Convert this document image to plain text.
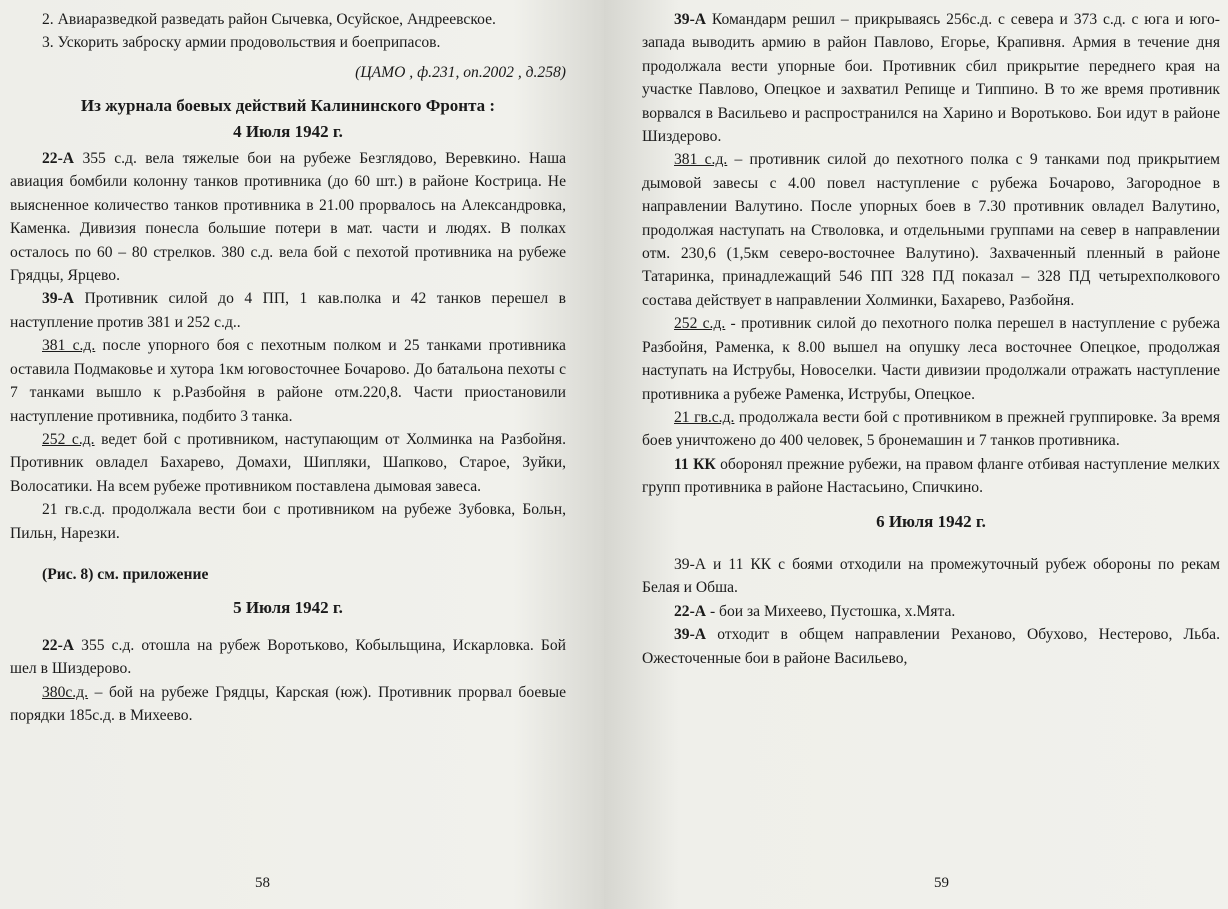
2. Авиаразведкой разведать район Сычевка, Осуйское, Андреевское.

3. Ускорить заброску армии продовольствия и боеприпасов.

(ЦАМО , ф.231, оп.2002 , д.258)

Из журнала боевых действий Калининского Фронта :

4 Июля 1942 г.

22-А 355 с.д. вела тяжелые бои на рубеже Безглядово, Веревкино. Наша авиация бомбили колонну танков противника (до 60 шт.) в районе Кострица. Не выясненное количество танков противника в 21.00 прорвалось на Александровка, Каменка. Дивизия понесла большие потери в мат. части и людях. В полках осталось по 60 – 80 стрелков. 380 с.д. вела бой с пехотой противника на рубеже Грядцы, Ярцево.

39-А Противник силой до 4 ПП, 1 кав.полка и 42 танков перешел в наступление против 381 и 252 с.д..

381 с.д. после упорного боя с пехотным полком и 25 танками противника оставила Подмаковье и хутора 1км юговосточнее Бочарово. До батальона пехоты с 7 танками вышло к р.Разбойня в районе отм.220,8. Части приостановили наступление противника, подбито 3 танка.

252 с.д. ведет бой с противником, наступающим от Холминка на Разбойня. Противник овладел Бахарево, Домахи, Шипляки, Шапково, Старое, Зуйки, Волосатики. На всем рубеже противником поставлена дымовая завеса.

21 гв.с.д. продолжала вести бои с противником на рубеже Зубовка, Больн, Пильн, Нарезки.

(Рис. 8) см. приложение

5 Июля 1942 г.

22-А 355 с.д. отошла на рубеж Воротьково, Кобыльщина, Искарловка. Бой шел в Шиздерово.

380с.д. – бой на рубеже Грядцы, Карская (юж). Противник прорвал боевые порядки 185с.д. в Михеево.

58

39-А Командарм решил – прикрываясь 256с.д. с севера и 373 с.д. с юга и юго-запада выводить армию в район Павлово, Егорье, Крапивня. Армия в течение дня продолжала вести упорные бои. Противник сбил прикрытие переднего края на участке Павлово, Опецкое и захватил Репище и Типпино. В то же время противник ворвался в Васильево и распространился на Харино и Воротьково. Бои идут в районе Шиздерово.

381 с.д. – противник силой до пехотного полка с 9 танками под прикрытием дымовой завесы с 4.00 повел наступление с рубежа Бочарово, Загородное в направлении Валутино. После упорных боев в 7.30 противник овладел Валутино, продолжая наступать на Стволовка, и отдельными группами на север в направлении отм. 230,6 (1,5км северо-восточнее Валутино). Захваченный пленный в районе Татаринка, принадлежащий 546 ПП 328 ПД показал – 328 ПД четырехполкового состава действует в направлении Холминки, Бахарево, Разбойня.

252 с.д. - противник силой до пехотного полка перешел в наступление с рубежа Разбойня, Раменка, к 8.00 вышел на опушку леса восточнее Опецкое, продолжая наступать на Иструбы, Новоселки. Части дивизии продолжали отражать наступление противника а рубеже Раменка, Иструбы, Опецкое.

21 гв.с.д. продолжала вести бой с противником в прежней группировке. За время боев уничтожено до 400 человек, 5 бронемашин и 7 танков противника.

11 КК оборонял прежние рубежи, на правом фланге отбивая наступление мелких групп противника в районе Настасьино, Спичкино.

6 Июля 1942 г.

39-А и 11 КК с боями отходили на промежуточный рубеж обороны по рекам Белая и Обша.

22-А - бои за Михеево, Пустошка, х.Мята.

39-А отходит в общем направлении Реханово, Обухово, Нестерово, Льба. Ожесточенные бои в районе Васильево,

59
